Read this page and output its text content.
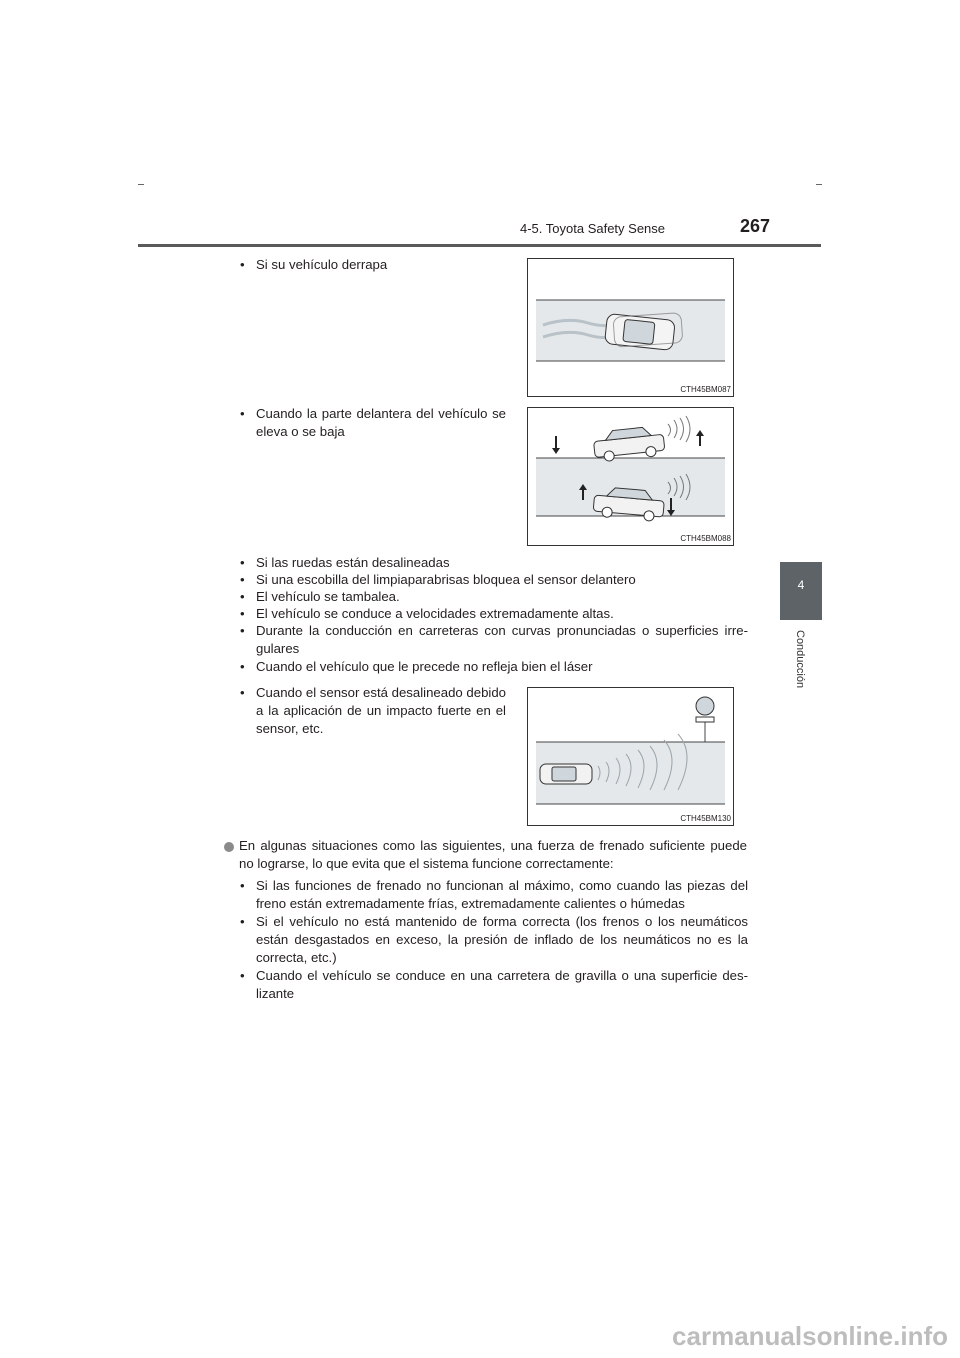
4-5. Toyota Safety Sense	267
4
Conducción
• Si su vehículo derrapa
CTH45BM087
• Cuando la parte delantera del vehículo se eleva o se baja
CTH45BM088
• Si las ruedas están desalineadas
• Si una escobilla del limpiaparabrisas bloquea el sensor delantero
• El vehículo se tambalea.
• El vehículo se conduce a velocidades extremadamente altas.
• Durante la conducción en carreteras con curvas pronunciadas o superficies irre-gulares
• Cuando el vehículo que le precede no refleja bien el láser
• Cuando el sensor está desalineado debido a la aplicación de un impacto fuerte en el sensor, etc.
CTH45BM130
En algunas situaciones como las siguientes, una fuerza de frenado suficiente puede no lograrse, lo que evita que el sistema funcione correctamente:
• Si las funciones de frenado no funcionan al máximo, como cuando las piezas del freno están extremadamente frías, extremadamente calientes o húmedas
• Si el vehículo no está mantenido de forma correcta (los frenos o los neumáticos están desgastados en exceso, la presión de inflado de los neumáticos no es la correcta, etc.)
• Cuando el vehículo se conduce en una carretera de gravilla o una superficie des-lizante
carmanualsonline.info
